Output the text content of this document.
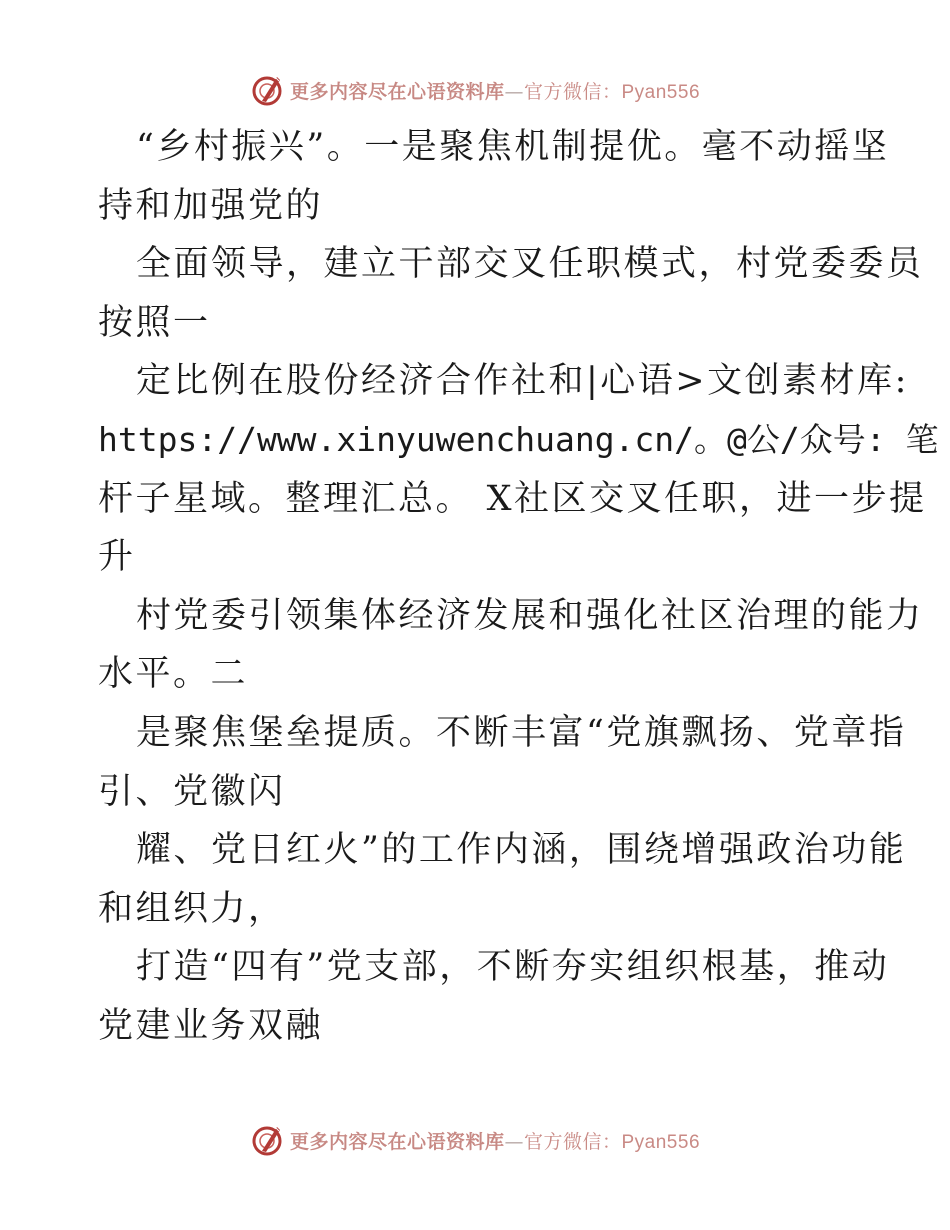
更多内容尽在心语资料库—官方微信：Pyan556
“乡村振兴”。一是聚焦机制提优。毫不动摇坚
持和加强党的
全面领导，建立干部交叉任职模式，村党委委员
按照一
定比例在股份经济合作社和|心语>文创素材库:
https://www.xinyuwenchuang.cn/。@公/众号: 笔
杆子星域。整理汇总。 X社区交叉任职，进一步提
升
村党委引领集体经济发展和强化社区治理的能力
水平。二
是聚焦堡垒提质。不断丰富“党旗飘扬、党章指
引、党徽闪
耀、党日红火”的工作内涵，围绕增强政治功能
和组织力，
打造“四有”党支部，不断夯实组织根基，推动
党建业务双融
更多内容尽在心语资料库—官方微信：Pyan556
